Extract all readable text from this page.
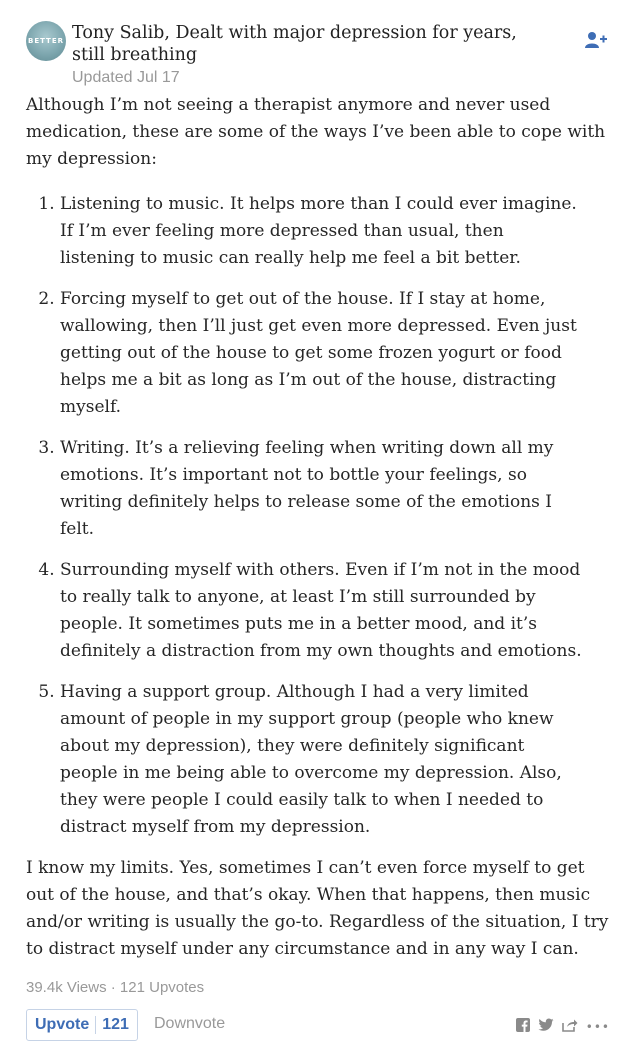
BETTER Tony Salib, Dealt with major depression for years, still breathing
Updated Jul 17

Although I’m not seeing a therapist anymore and never used medication, these are some of the ways I’ve been able to cope with my depression:

1. Listening to music. It helps more than I could ever imagine. If I’m ever feeling more depressed than usual, then listening to music can really help me feel a bit better.
2. Forcing myself to get out of the house. If I stay at home, wallowing, then I’ll just get even more depressed. Even just getting out of the house to get some frozen yogurt or food helps me a bit as long as I’m out of the house, distracting myself.
3. Writing. It’s a relieving feeling when writing down all my emotions. It’s important not to bottle your feelings, so writing definitely helps to release some of the emotions I felt.
4. Surrounding myself with others. Even if I’m not in the mood to really talk to anyone, at least I’m still surrounded by people. It sometimes puts me in a better mood, and it’s definitely a distraction from my own thoughts and emotions.
5. Having a support group. Although I had a very limited amount of people in my support group (people who knew about my depression), they were definitely significant people in me being able to overcome my depression. Also, they were people I could easily talk to when I needed to distract myself from my depression.

I know my limits. Yes, sometimes I can’t even force myself to get out of the house, and that’s okay. When that happens, then music and/or writing is usually the go-to. Regardless of the situation, I try to distract myself under any circumstance and in any way I can.

39.4k Views · 121 Upvotes
Upvote 121	Downvote	•••
